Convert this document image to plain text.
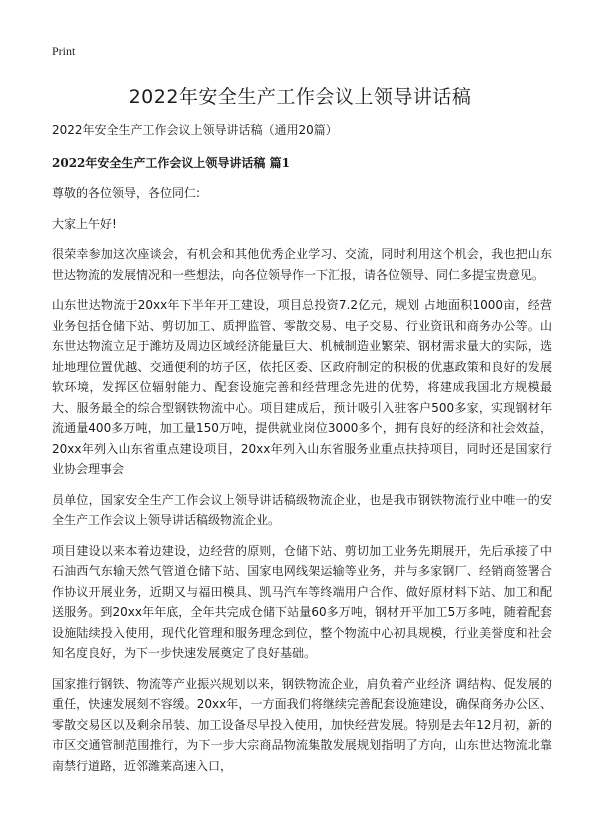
Print
2022年安全生产工作会议上领导讲话稿

2022年安全生产工作会议上领导讲话稿（通用20篇）

2022年安全生产工作会议上领导讲话稿 篇1

尊敬的各位领导，各位同仁:

大家上午好!

很荣幸参加这次座谈会，有机会和其他优秀企业学习、交流，同时利用这个机会，我也把山东世达物流的发展情况和一些想法，向各位领导作一下汇报，请各位领导、同仁多提宝贵意见。

山东世达物流于20xx年下半年开工建设，项目总投资7.2亿元，规划 占地面积1000亩，经营业务包括仓储下站、剪切加工、质押监管、零散交易、电子交易、行业资讯和商务办公等。山东世达物流立足于潍坊及周边区域经济能量巨大、机械制造业繁荣、钢材需求量大的实际，选址地理位置优越、交通便利的坊子区，依托区委、区政府制定的积极的优惠政策和良好的发展软环境，发挥区位辐射能力、配套设施完善和经营理念先进的优势，将建成我国北方规模最大、服务最全的综合型钢铁物流中心。项目建成后，预计吸引入驻客户500多家，实现钢材年流通量400多万吨，加工量150万吨，提供就业岗位3000多个，拥有良好的经济和社会效益，20xx年列入山东省重点建设项目，20xx年列入山东省服务业重点扶持项目，同时还是国家行业协会理事会

员单位，国家安全生产工作会议上领导讲话稿级物流企业，也是我市钢铁物流行业中唯一的安全生产工作会议上领导讲话稿级物流企业。

项目建设以来本着边建设，边经营的原则，仓储下站、剪切加工业务先期展开，先后承接了中石油西气东输天然气管道仓储下站、国家电网线架运输等业务，并与多家钢厂、经销商签署合作协议开展业务，近期又与福田模具、凯马汽车等终端用户合作、做好原材料下站、加工和配送服务。到20xx年年底，全年共完成仓储下站量60多万吨，钢材开平加工5万多吨，随着配套设施陆续投入使用，现代化管理和服务理念到位，整个物流中心初具规模，行业美誉度和社会知名度良好，为下一步快速发展奠定了良好基础。

国家推行钢铁、物流等产业振兴规划以来，钢铁物流企业，肩负着产业经济 调结构、促发展的重任，快速发展刻不容缓。20xx年，一方面我们将继续完善配套设施建设，确保商务办公区、零散交易区以及剩余吊装、加工设备尽早投入使用，加快经营发展。特别是去年12月初，新的市区交通管制范围推行，为下一步大宗商品物流集散发展规划指明了方向，山东世达物流北靠南禁行道路，近邻潍莱高速入口，
